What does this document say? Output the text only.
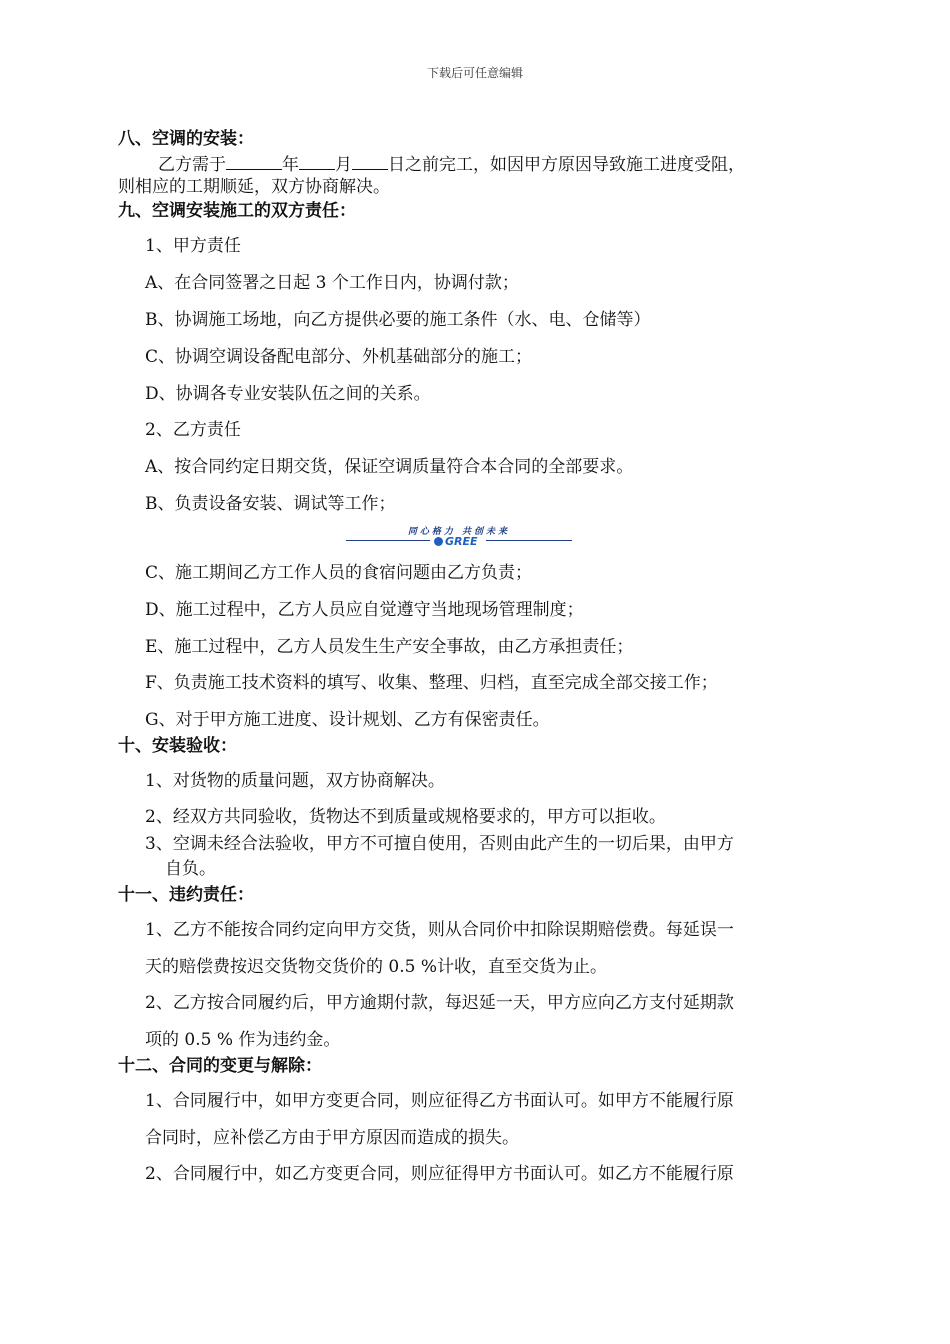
下载后可任意编辑
八、空调的安装：
乙方需于	年 月 日之前完工，如因甲方原因导致施工进度受阻，
则相应的工期顺延，双方协商解决。
九、空调安装施工的双方责任：
1、甲方责任
A、在合同签署之日起 3 个工作日内，协调付款；
B、协调施工场地，向乙方提供必要的施工条件（水、电、仓储等）
C、协调空调设备配电部分、外机基础部分的施工；
D、协调各专业安装队伍之间的关系。
2、乙方责任
A、按合同约定日期交货，保证空调质量符合本合同的全部要求。
B、负责设备安装、调试等工作；
同心格力 共创未来
GREE
C、施工期间乙方工作人员的食宿问题由乙方负责；
D、施工过程中，乙方人员应自觉遵守当地现场管理制度；
E、施工过程中，乙方人员发生生产安全事故，由乙方承担责任；
F、负责施工技术资料的填写、收集、整理、归档，直至完成全部交接工作；
G、对于甲方施工进度、设计规划、乙方有保密责任。
十、安装验收：
1、对货物的质量问题，双方协商解决。
2、经双方共同验收，货物达不到质量或规格要求的，甲方可以拒收。
3、空调未经合法验收，甲方不可擅自使用，否则由此产生的一切后果，由甲方
自负。
十一、违约责任：
1、乙方不能按合同约定向甲方交货，则从合同价中扣除误期赔偿费。每延误一
天的赔偿费按迟交货物交货价的 0.5 %计收，直至交货为止。
2、乙方按合同履约后，甲方逾期付款，每迟延一天，甲方应向乙方支付延期款
项的 0.5 % 作为违约金。
十二、合同的变更与解除：
1、合同履行中，如甲方变更合同，则应征得乙方书面认可。如甲方不能履行原
合同时，应补偿乙方由于甲方原因而造成的损失。
2、合同履行中，如乙方变更合同，则应征得甲方书面认可。如乙方不能履行原
